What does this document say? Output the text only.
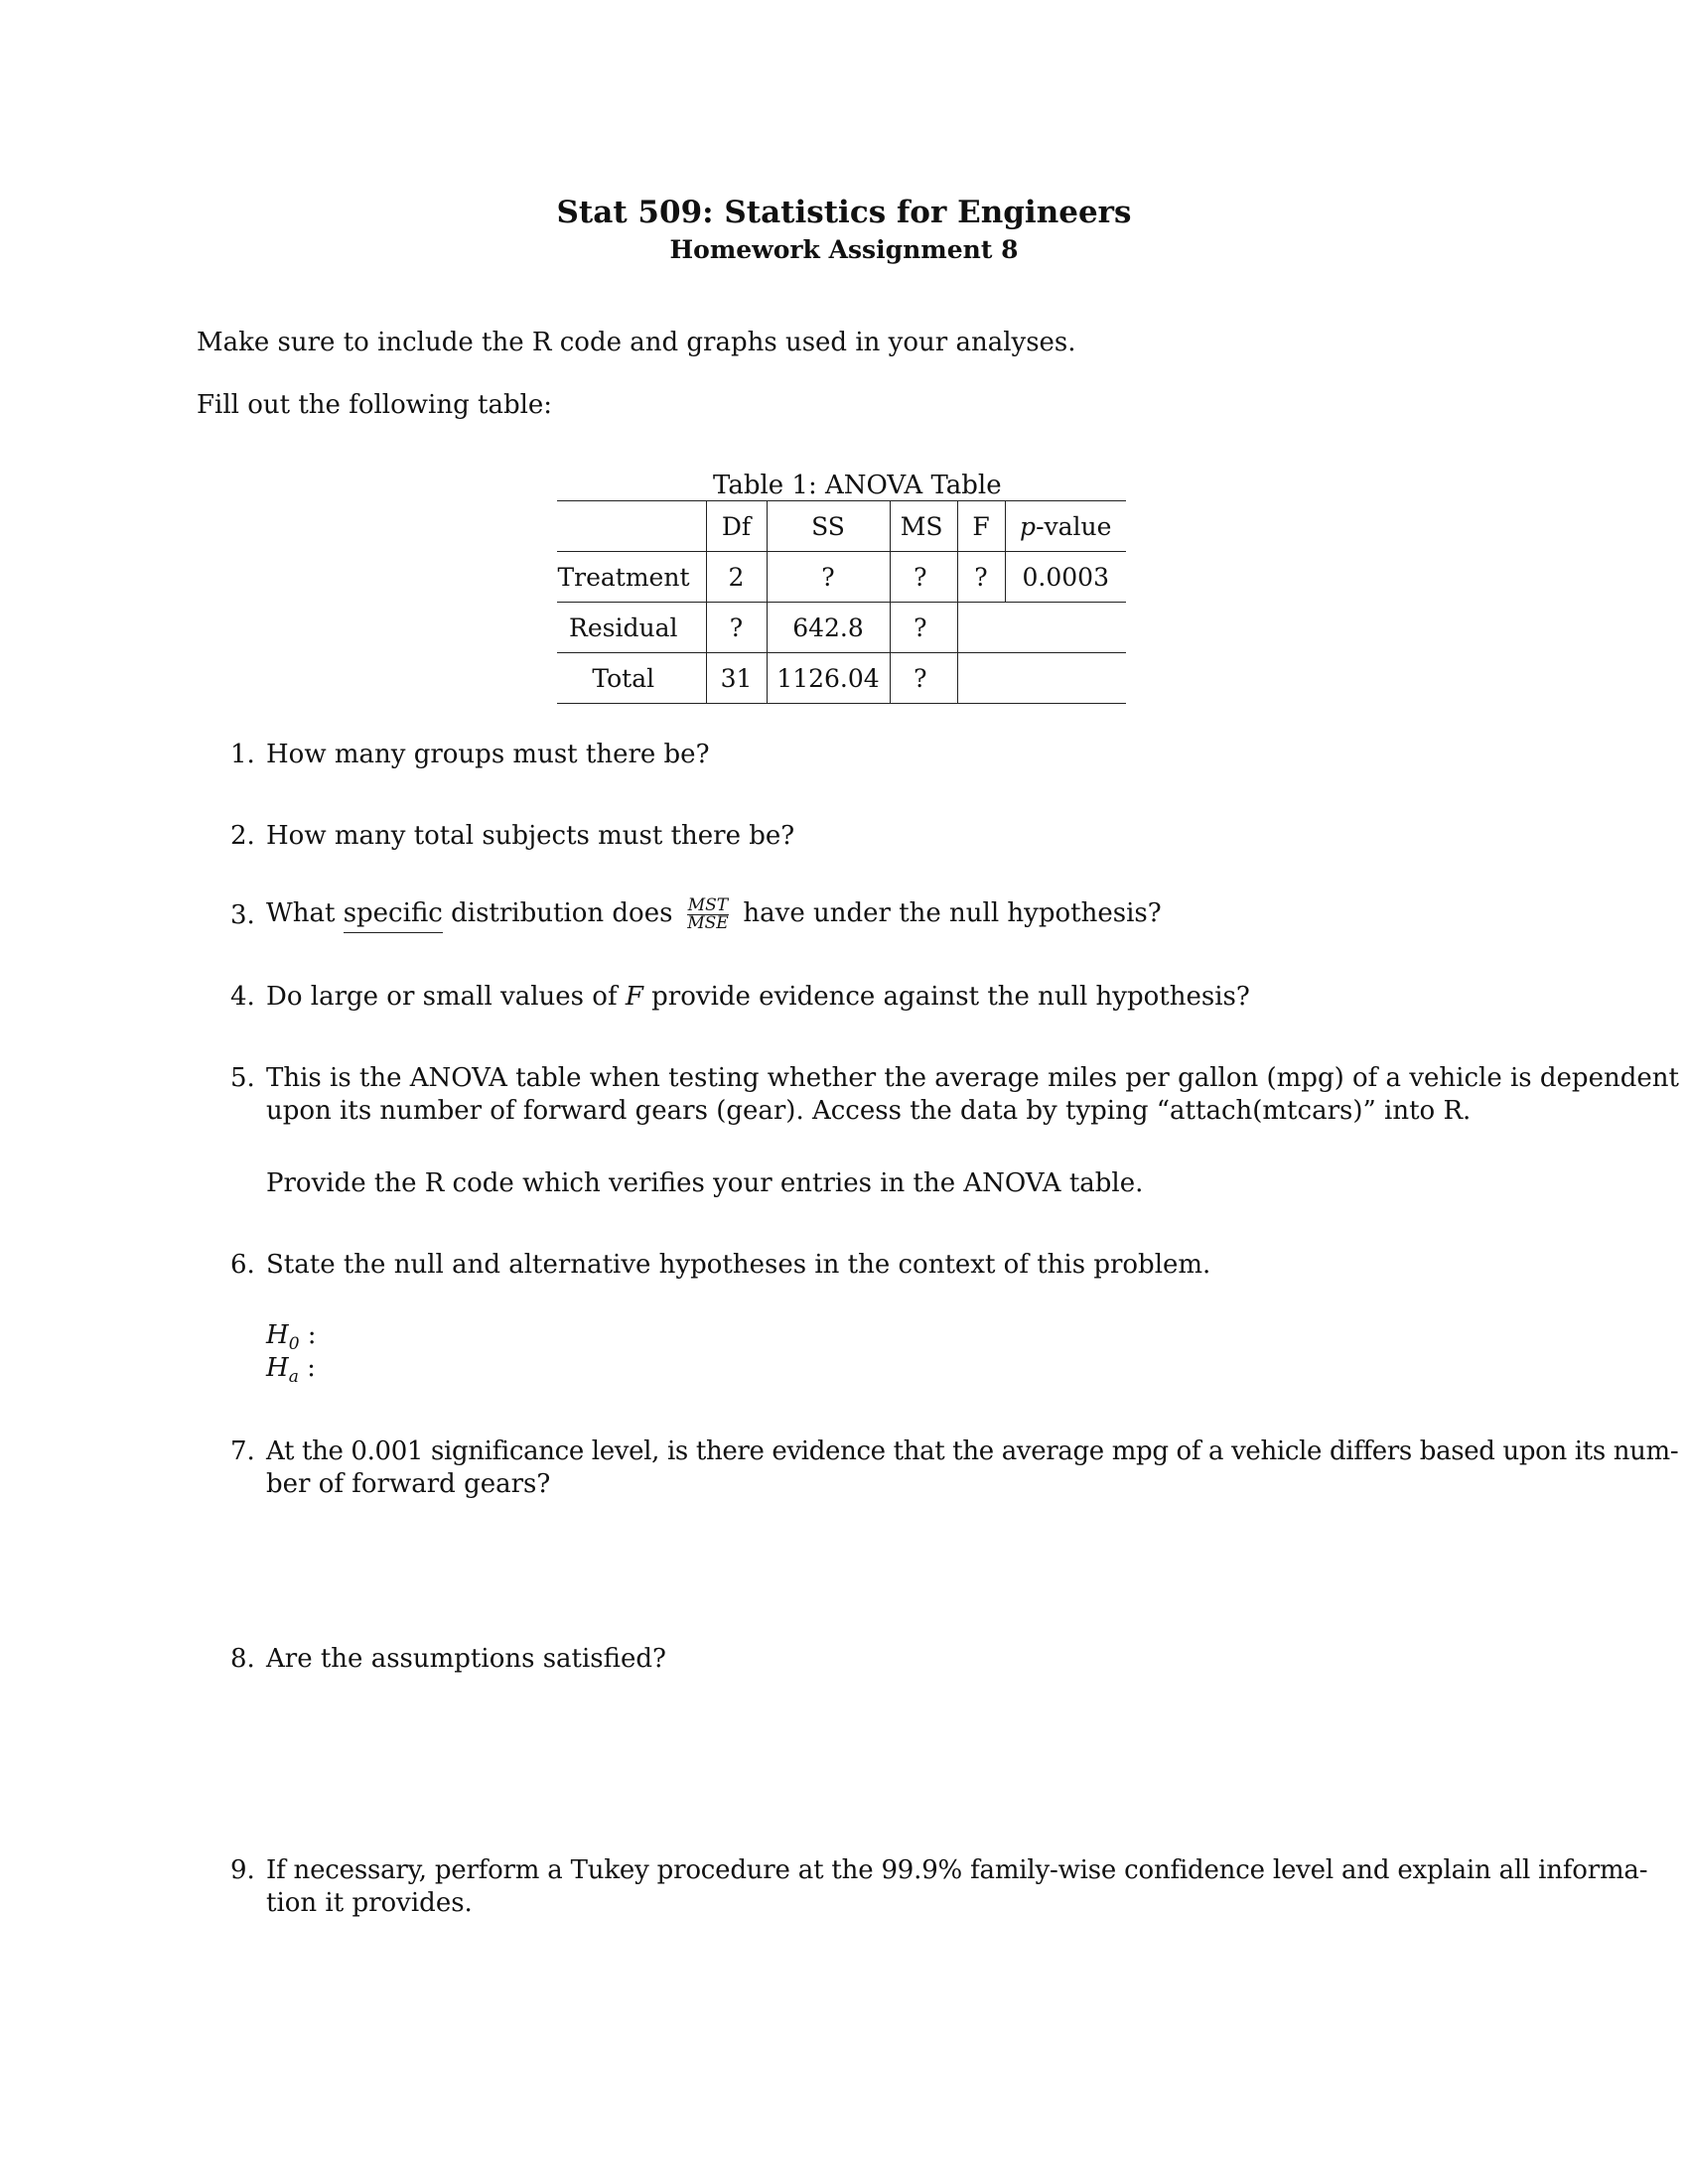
Stat 509: Statistics for Engineers
Homework Assignment 8
Make sure to include the R code and graphs used in your analyses.
Fill out the following table:
Table 1: ANOVA Table
	Df	SS	MS	F	p-value
Treatment	2	?	?	?	0.0003
Residual	?	642.8	?		
Total	31	1126.04	?		
1. How many groups must there be?
2. How many total subjects must there be?
3. What specific distribution does $\frac{\text{MST}}{\text{MSE}}$ have under the null hypothesis?
4. Do large or small values of F provide evidence against the null hypothesis?
5. This is the ANOVA table when testing whether the average miles per gallon (mpg) of a vehicle is dependent
upon its number of forward gears (gear). Access the data by typing “attach(mtcars)” into R.
Provide the R code which verifies your entries in the ANOVA table.
6. State the null and alternative hypotheses in the context of this problem.
$H_0$ :
$H_a$ :
7. At the 0.001 significance level, is there evidence that the average mpg of a vehicle differs based upon its num-
ber of forward gears?
8. Are the assumptions satisfied?
9. If necessary, perform a Tukey procedure at the 99.9% family-wise confidence level and explain all informa-
tion it provides.
